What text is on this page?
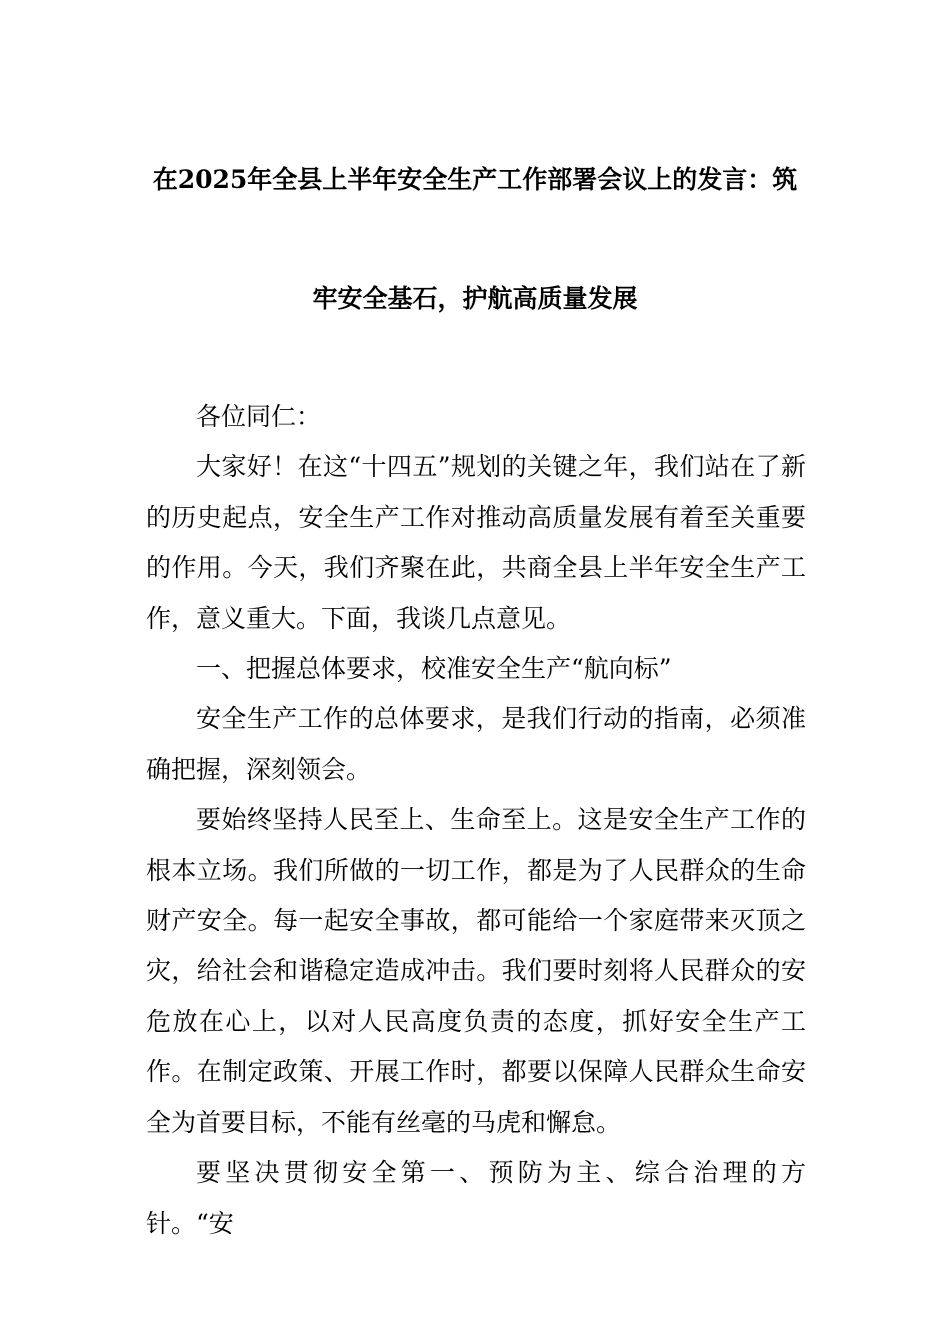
在2025年全县上半年安全生产工作部署会议上的发言：筑
牢安全基石，护航高质量发展

各位同仁：

大家好！在这“十四五”规划的关键之年，我们站在了新的历史起点，安全生产工作对推动高质量发展有着至关重要的作用。今天，我们齐聚在此，共商全县上半年安全生产工作，意义重大。下面，我谈几点意见。

一、把握总体要求，校准安全生产“航向标”

安全生产工作的总体要求，是我们行动的指南，必须准确把握，深刻领会。

要始终坚持人民至上、生命至上。这是安全生产工作的根本立场。我们所做的一切工作，都是为了人民群众的生命财产安全。每一起安全事故，都可能给一个家庭带来灭顶之灾，给社会和谐稳定造成冲击。我们要时刻将人民群众的安危放在心上，以对人民高度负责的态度，抓好安全生产工作。在制定政策、开展工作时，都要以保障人民群众生命安全为首要目标，不能有丝毫的马虎和懈怠。

要坚决贯彻安全第一、预防为主、综合治理的方针。“安
